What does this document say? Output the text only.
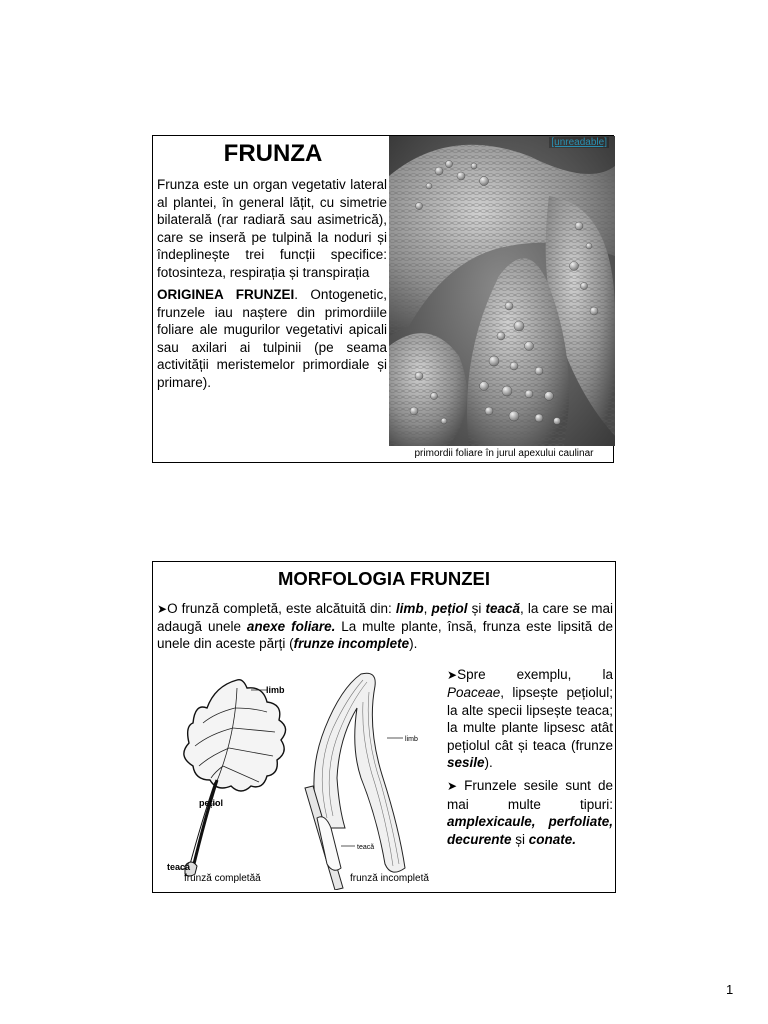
FRUNZA

Frunza este un organ vegetativ lateral al plantei, în general lățit, cu simetrie bilaterală (rar radiară sau asimetrică), care se inseră pe tulpină la noduri și îndeplinește trei funcții specifice: fotosinteza, respirația și transpirația

ORIGINEA FRUNZEI. Ontogenetic, frunzele iau naștere din primordiile foliare ale mugurilor vegetativi apicali sau axilari ai tulpinii (pe seama activității meristemelor primordiale și primare).

[unreadable]
primordii foliare în jurul apexului caulinar
MORFOLOGIA FRUNZEI
➤O frunză completă, este alcătuită din: limb, pețiol și teacă, la care se mai adaugă unele anexe foliare. La multe plante, însă, frunza este lipsită de unele din aceste părți (frunze incomplete).
limb
pețiol
teacă
limb
teacă
frunză completăă	frunză incompletă

➤Spre exemplu, la Poaceae, lipsește pețiolul; la alte specii lipsește teaca; la multe plante lipsesc atât pețiolul cât și teaca (frunze sesile).

➤ Frunzele sesile sunt de mai multe tipuri: amplexicaule, perfoliate, decurente și conate.

1
